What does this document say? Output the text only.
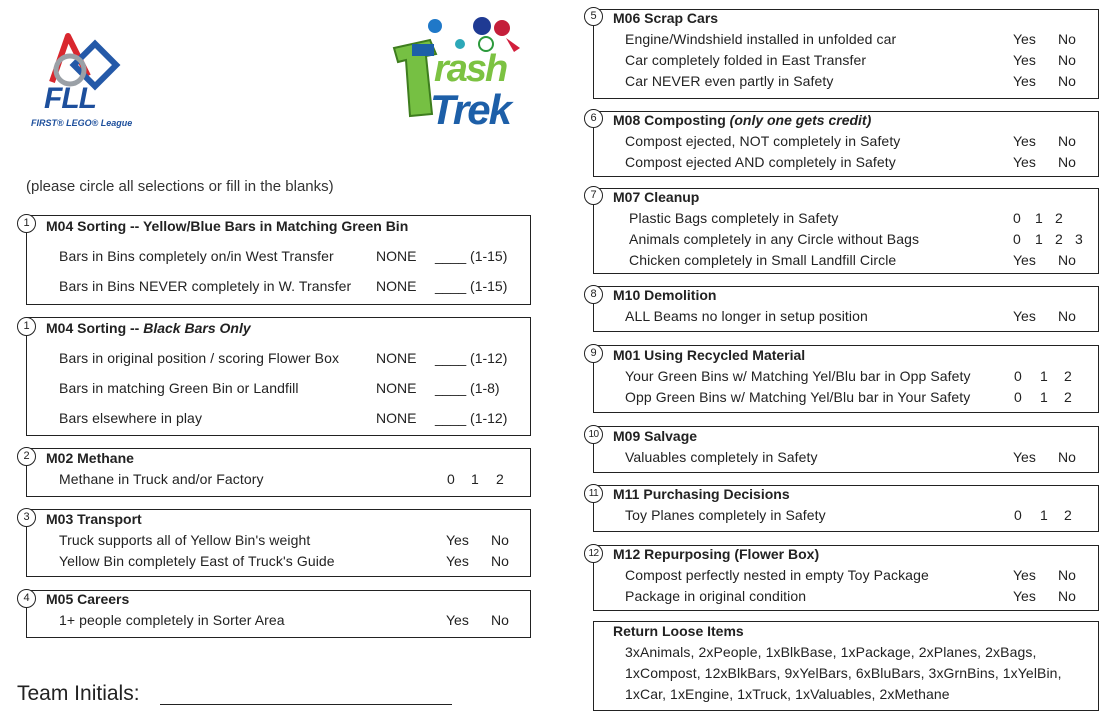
FLL
FIRST® LEGO® League
rash
Trek
(please circle all selections or fill in the blanks)
1	M04 Sorting -- Yellow/Blue Bars in Matching Green Bin
Bars in Bins completely on/in West Transfer	NONE ____ (1-15)
Bars in Bins NEVER completely in W. Transfer NONE ____ (1-15)
1	M04 Sorting -- Black Bars Only
Bars in original position / scoring Flower Box	NONE ____ (1-12)
Bars in matching Green Bin or Landfill	NONE ____ (1-8)
Bars elsewhere in play	NONE ____ (1-12)
2	M02 Methane
Methane in Truck and/or Factory	0 1 2
3	M03 Transport
Truck supports all of Yellow Bin's weight	Yes No
Yellow Bin completely East of Truck's Guide	Yes No
4	M05 Careers
1+ people completely in Sorter Area	Yes No
Team Initials:
5	M06 Scrap Cars
Engine/Windshield installed in unfolded car	Yes No
Car completely folded in East Transfer	Yes No
Car NEVER even partly in Safety	Yes No
6	M08 Composting (only one gets credit)
Compost ejected, NOT completely in Safety	Yes No
Compost ejected AND completely in Safety	Yes No
7	M07 Cleanup
Plastic Bags completely in Safety	0 1 2
Animals completely in any Circle without Bags	0 1 2 3
Chicken completely in Small Landfill Circle	Yes No
8	M10 Demolition
ALL Beams no longer in setup position	Yes No
9	M01 Using Recycled Material
Your Green Bins w/ Matching Yel/Blu bar in Opp Safety	0 1 2
Opp Green Bins w/ Matching Yel/Blu bar in Your Safety	0 1 2
10	M09 Salvage
Valuables completely in Safety	Yes No
11	M11 Purchasing Decisions
Toy Planes completely in Safety	0 1 2
12	M12 Repurposing (Flower Box)
Compost perfectly nested in empty Toy Package	Yes No
Package in original condition	Yes No
Return Loose Items
3xAnimals, 2xPeople, 1xBlkBase, 1xPackage, 2xPlanes, 2xBags,
1xCompost, 12xBlkBars, 9xYelBars, 6xBluBars, 3xGrnBins, 1xYelBin,
1xCar, 1xEngine, 1xTruck, 1xValuables, 2xMethane
